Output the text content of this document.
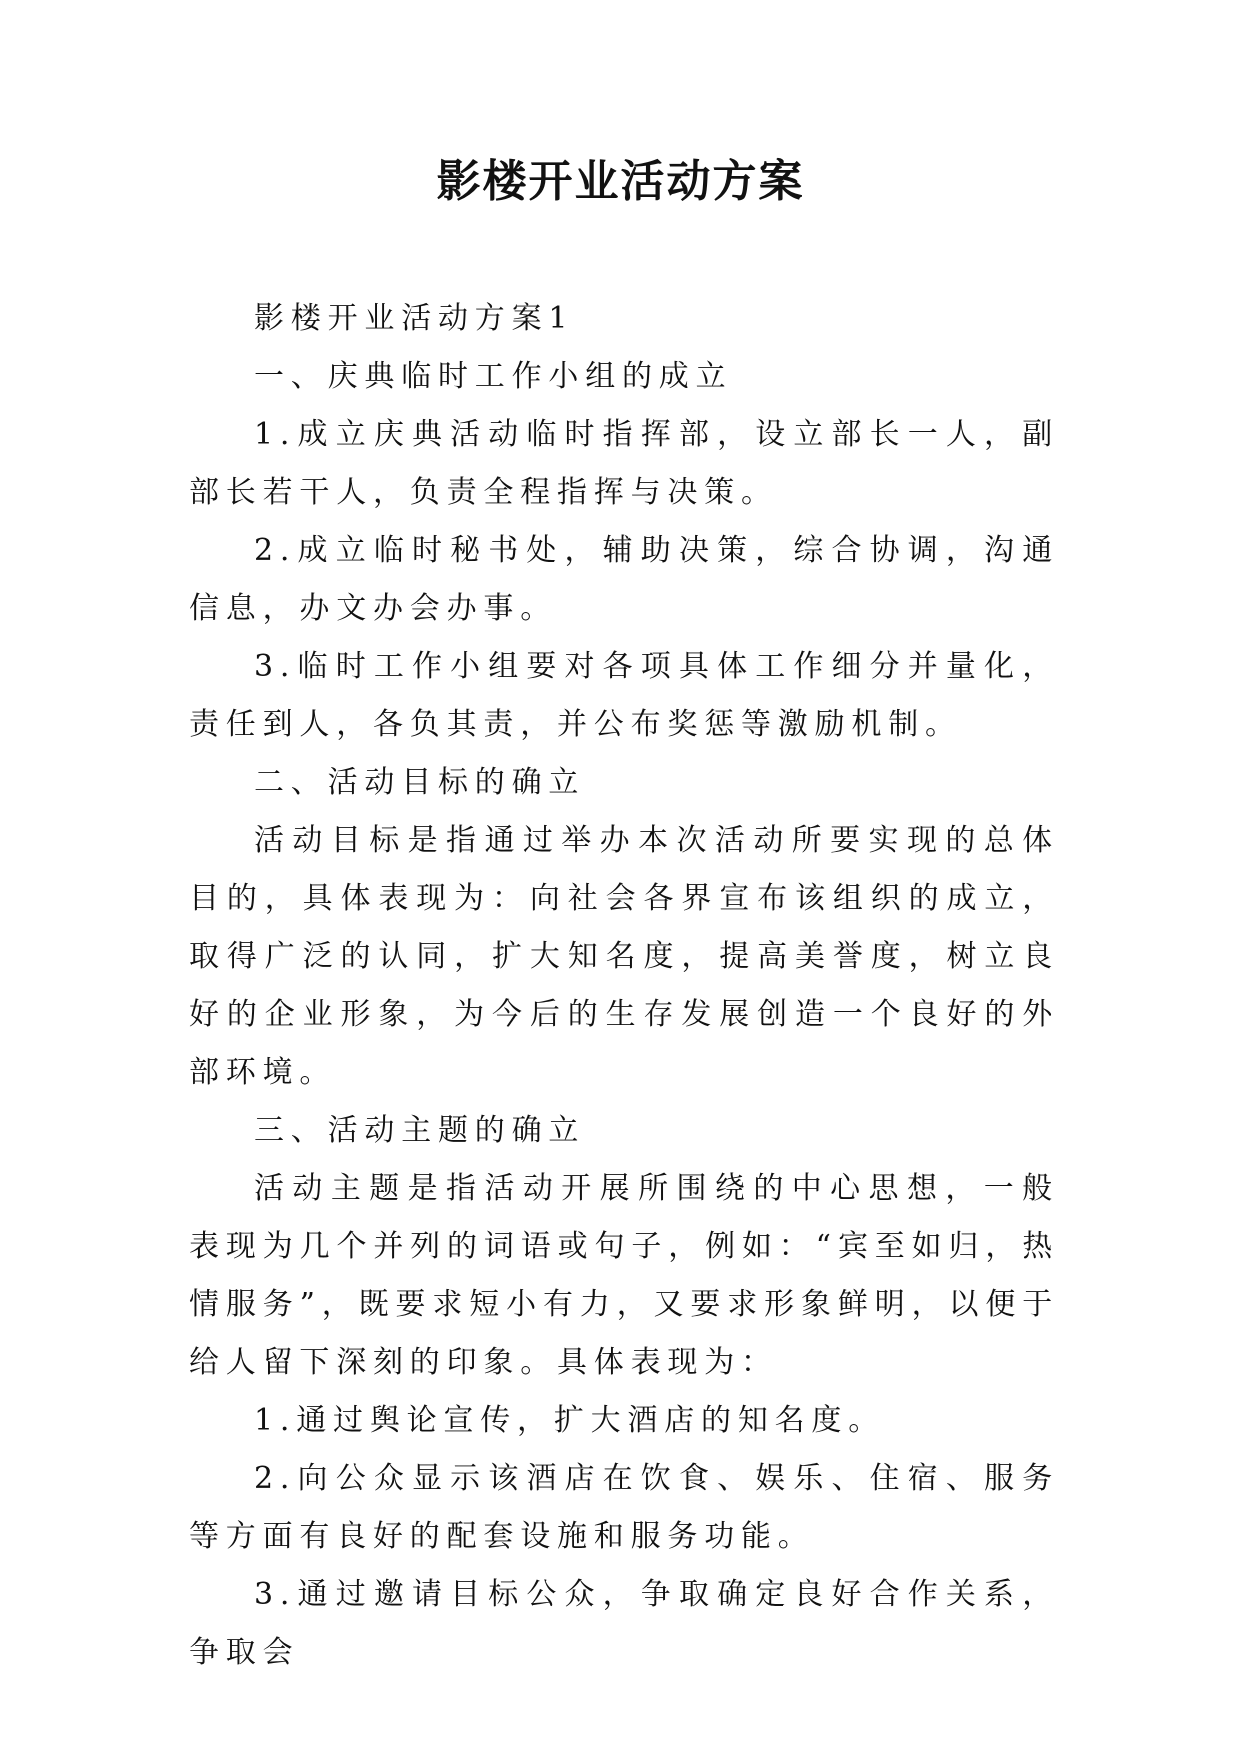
影楼开业活动方案

影楼开业活动方案1

一、庆典临时工作小组的成立

1.成立庆典活动临时指挥部，设立部长一人，副部长若干人，负责全程指挥与决策。

2.成立临时秘书处，辅助决策，综合协调，沟通信息，办文办会办事。

3.临时工作小组要对各项具体工作细分并量化，责任到人，各负其责，并公布奖惩等激励机制。

二、活动目标的确立

活动目标是指通过举办本次活动所要实现的总体目的，具体表现为：向社会各界宣布该组织的成立，取得广泛的认同，扩大知名度，提高美誉度，树立良好的企业形象，为今后的生存发展创造一个良好的外部环境。

三、活动主题的确立

活动主题是指活动开展所围绕的中心思想，一般表现为几个并列的词语或句子，例如：“宾至如归，热情服务”，既要求短小有力，又要求形象鲜明，以便于给人留下深刻的印象。具体表现为：

1.通过舆论宣传，扩大酒店的知名度。

2.向公众显示该酒店在饮食、娱乐、住宿、服务等方面有良好的配套设施和服务功能。

3.通过邀请目标公众，争取确定良好合作关系，争取会
